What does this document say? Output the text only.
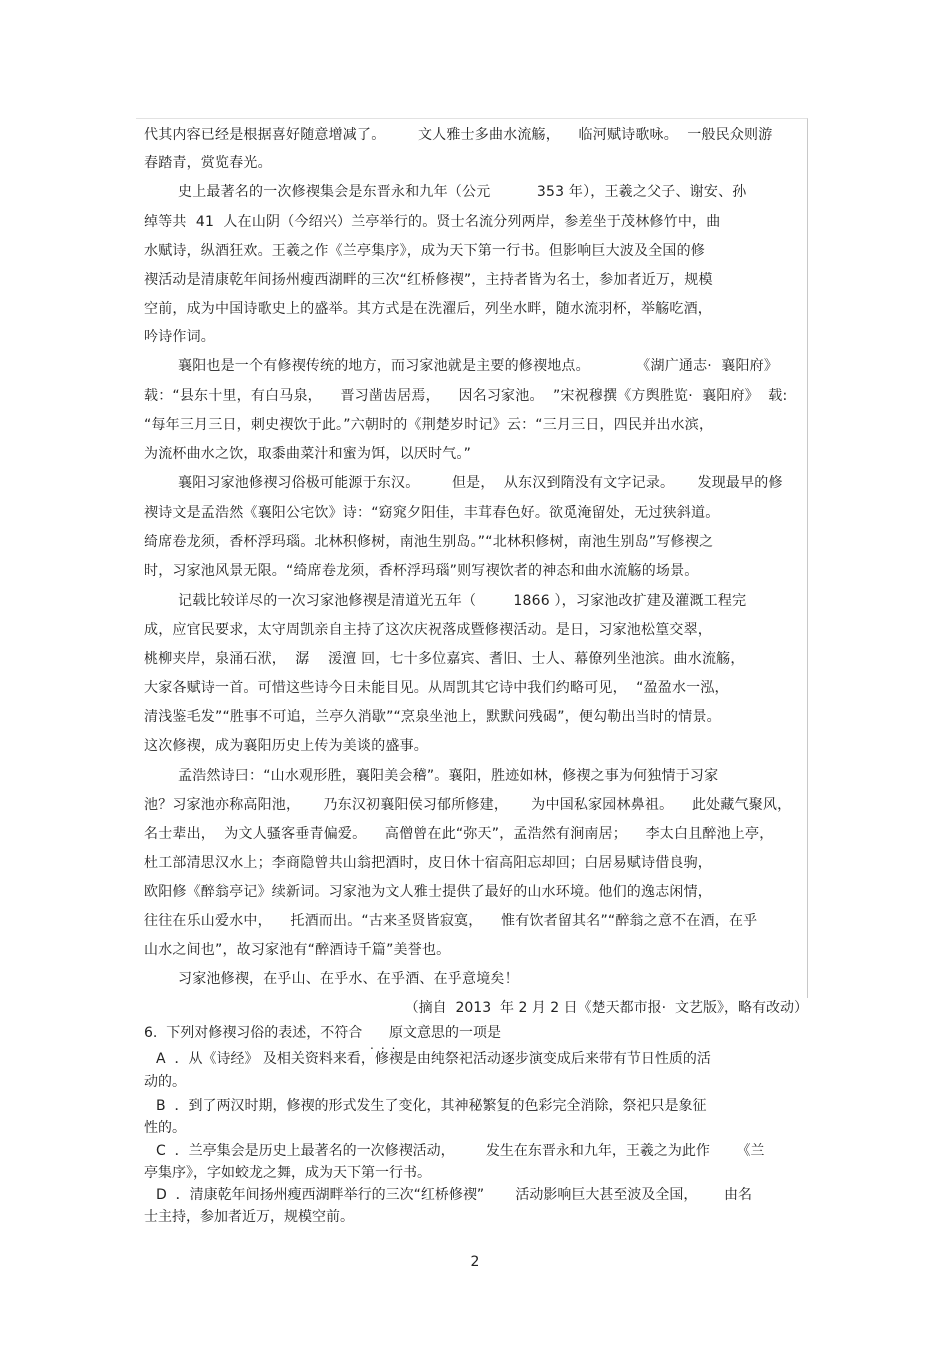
代其内容已经是根据喜好随意增减了。       文人雅士多曲水流觞，    临河赋诗歌咏。  一般民众则游
春踏青，赏览春光。
史上最著名的一次修禊集会是东晋永和九年（公元          353 年），王羲之父子、谢安、孙
绰等共  41  人在山阴（今绍兴）兰亭举行的。贤士名流分列两岸，参差坐于茂林修竹中，曲
水赋诗，纵酒狂欢。王羲之作《兰亭集序》，成为天下第一行书。但影响巨大波及全国的修
禊活动是清康乾年间扬州瘦西湖畔的三次“红桥修禊”，主持者皆为名士，参加者近万，规模
空前，成为中国诗歌史上的盛举。其方式是在洗濯后，列坐水畔，随水流羽杯，举觞吃酒，
吟诗作词。
襄阳也是一个有修禊传统的地方，而习家池就是主要的修禊地点。          《湖广通志·  襄阳府》
载：“县东十里，有白马泉，    晋习凿齿居焉，    因名习家池。  ”宋祝穆撰《方舆胜览·  襄阳府》  载:
“每年三月三日，刺史禊饮于此。”六朝时的《荆楚岁时记》云：“三月三日，四民并出水滨，
为流杯曲水之饮，取黍曲菜汁和蜜为饵，以厌时气。”
襄阳习家池修禊习俗极可能源于东汉。       但是，  从东汉到隋没有文字记录。     发现最早的修
禊诗文是孟浩然《襄阳公宅饮》诗：“窈窕夕阳佳，丰茸春色好。欲觅淹留处，无过狭斜道。
绮席卷龙须，香杯浮玛瑙。北林积修树，南池生别岛。”“北林积修树，南池生别岛”写修禊之
时，习家池风景无限。“绮席卷龙须，香杯浮玛瑙”则写禊饮者的神态和曲水流觞的场景。
记载比较详尽的一次习家池修禊是清道光五年（        1866 ），习家池改扩建及灌溉工程完
成，应官民要求，太守周凯亲自主持了这次庆祝落成暨修禊活动。是日，习家池松篁交翠，
桃柳夹岸，泉涌石洑，  潺    湲澶 回，七十多位嘉宾、耆旧、士人、幕僚列坐池滨。曲水流觞，
大家各赋诗一首。可惜这些诗今日未能目见。从周凯其它诗中我们约略可见，  “盈盈水一泓，
清浅鉴毛发”“胜事不可追，兰亭久消歇”“烹泉坐池上，默默问残碣”，便勾勒出当时的情景。
这次修禊，成为襄阳历史上传为美谈的盛事。
孟浩然诗曰：“山水观形胜，襄阳美会稽”。襄阳，胜迹如林，修禊之事为何独情于习家
池？习家池亦称高阳池，     乃东汉初襄阳侯习郁所修建，     为中国私家园林鼻祖。    此处藏气聚风，
名士辈出，  为文人骚客垂青偏爱。    高僧曾在此“弥天”，孟浩然有涧南居；    李太白且醉池上亭，
杜工部清思汉水上；李商隐曾共山翁把酒时，皮日休十宿高阳忘却回；白居易赋诗借良驹，
欧阳修《醉翁亭记》续新词。习家池为文人雅士提供了最好的山水环境。他们的逸志闲情，
往往在乐山爱水中，    托酒而出。“古来圣贤皆寂寞，    惟有饮者留其名”“醉翁之意不在酒，在乎
山水之间也”，故习家池有“醉酒诗千篇”美誉也。
习家池修禊，在乎山、在乎水、在乎酒、在乎意境矣！
（摘自  2013  年 2 月 2 日《楚天都市报·  文艺版》，略有改动）
6.  下列对修禊习俗的表述，不符合      原文意思的一项是
...
A  ．从《诗经》 及相关资料来看，修禊是由纯祭祀活动逐步演变成后来带有节日性质的活
动的。
B  ．到了两汉时期，修禊的形式发生了变化，其神秘繁复的色彩完全消除，祭祀只是象征
性的。
C  ．兰亭集会是历史上最著名的一次修禊活动，       发生在东晋永和九年，王羲之为此作      《兰
亭集序》，字如蛟龙之舞，成为天下第一行书。
D  ．清康乾年间扬州瘦西湖畔举行的三次“红桥修禊”       活动影响巨大甚至波及全国，      由名
士主持，参加者近万，规模空前。
2
